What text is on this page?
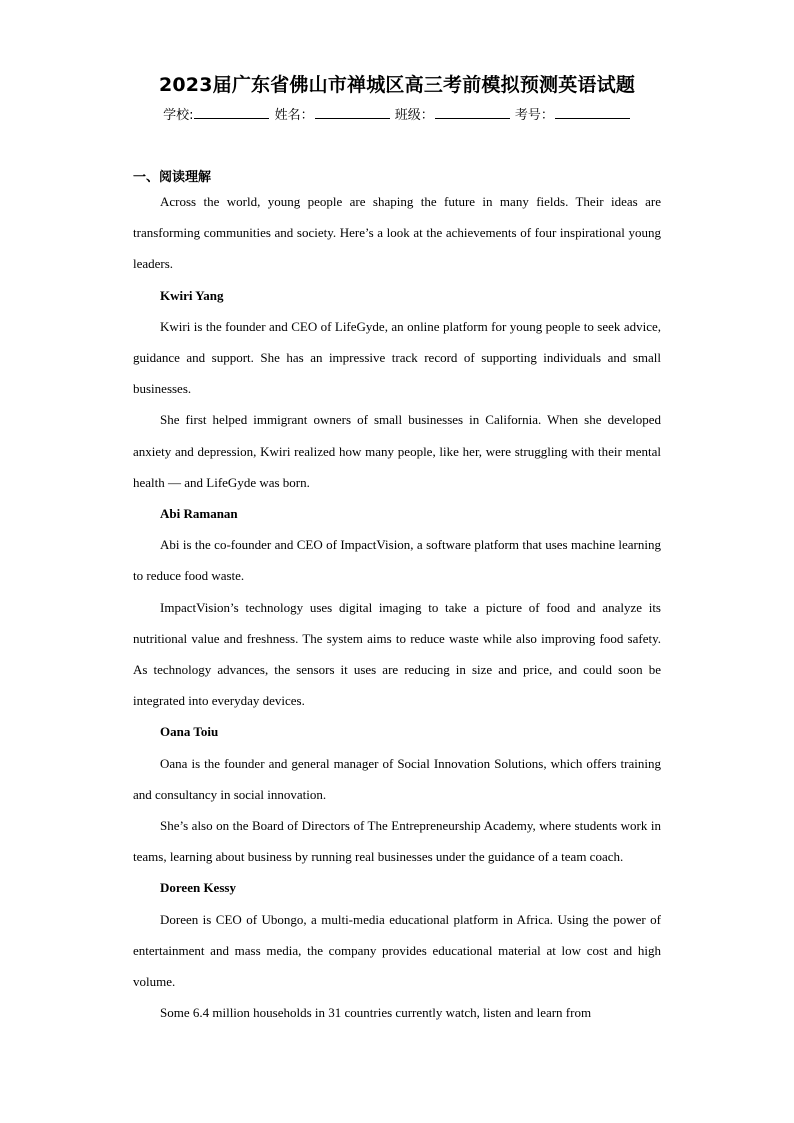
2023届广东省佛山市禅城区高三考前模拟预测英语试题
学校:	姓名：	班级：	考号：
一、阅读理解

Across the world, young people are shaping the future in many fields. Their ideas are transforming communities and society. Here’s a look at the achievements of four inspirational young leaders.

Kwiri Yang

Kwiri is the founder and CEO of LifeGyde, an online platform for young people to seek advice, guidance and support. She has an impressive track record of supporting individuals and small businesses.

She first helped immigrant owners of small businesses in California. When she developed anxiety and depression, Kwiri realized how many people, like her, were struggling with their mental health — and LifeGyde was born.

Abi Ramanan

Abi is the co-founder and CEO of ImpactVision, a software platform that uses machine learning to reduce food waste.

ImpactVision’s technology uses digital imaging to take a picture of food and analyze its nutritional value and freshness. The system aims to reduce waste while also improving food safety. As technology advances, the sensors it uses are reducing in size and price, and could soon be integrated into everyday devices.

Oana Toiu

Oana is the founder and general manager of Social Innovation Solutions, which offers training and consultancy in social innovation.

She’s also on the Board of Directors of The Entrepreneurship Academy, where students work in teams, learning about business by running real businesses under the guidance of a team coach.

Doreen Kessy

Doreen is CEO of Ubongo, a multi-media educational platform in Africa. Using the power of entertainment and mass media, the company provides educational material at low cost and high volume.

Some 6.4 million households in 31 countries currently watch, listen and learn from
